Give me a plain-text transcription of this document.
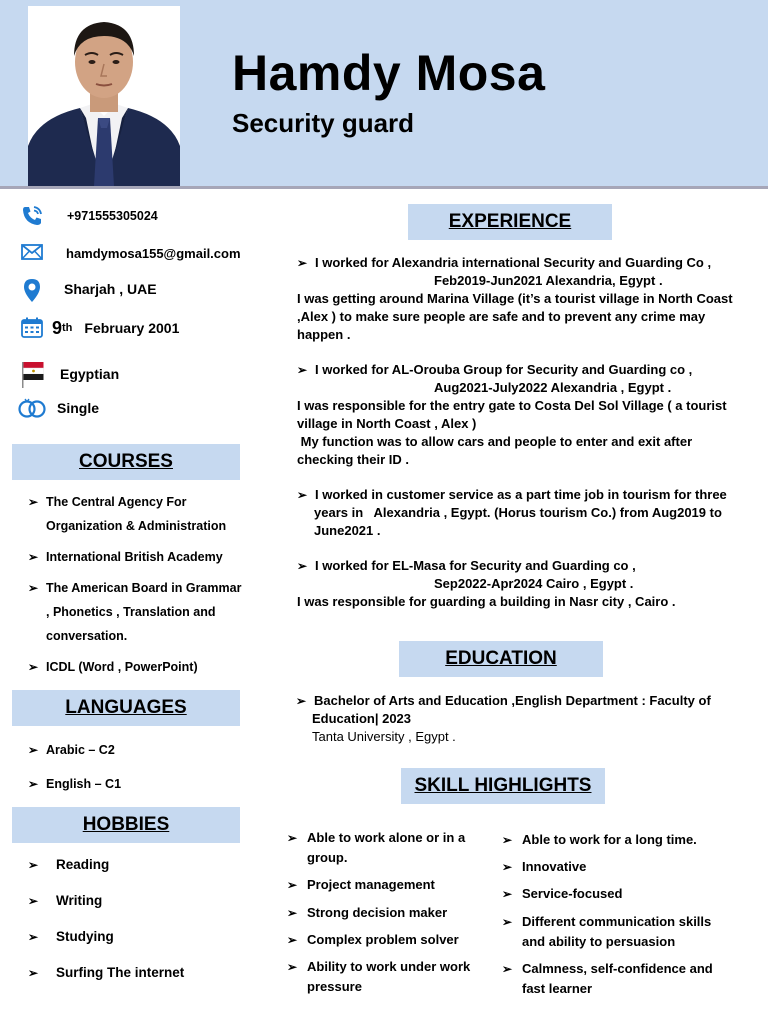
Hamdy Mosa
Security guard
+971555305024
hamdymosa155@gmail.com
Sharjah , UAE
9 th February 2001
Egyptian
Single
COURSES
➢ The Central Agency For
Organization & Administration
➢ International British Academy
➢ The American Board in Grammar
, Phonetics , Translation and
conversation.
➢ ICDL (Word , PowerPoint)
LANGUAGES
➢ Arabic – C2
➢ English – C1
HOBBIES
➢ Reading
➢ Writing
➢ Studying
➢ Surfing The internet
EXPERIENCE
➢ I worked for Alexandria international Security and Guarding Co ,
Feb2019-Jun2021 Alexandria, Egypt .
I was getting around Marina Village (it’s a tourist village in North Coast
,Alex ) to make sure people are safe and to prevent any crime may
happen .
➢ I worked for AL-Orouba Group for Security and Guarding co ,
Aug2021-July2022 Alexandria , Egypt .
I was responsible for the entry gate to Costa Del Sol Village ( a tourist
village in North Coast , Alex )
My function was to allow cars and people to enter and exit after
checking their ID .
➢ I worked in customer service as a part time job in tourism for three
years in   Alexandria , Egypt. (Horus tourism Co.) from Aug2019 to
June2021 .
➢ I worked for EL-Masa for Security and Guarding co ,
Sep2022-Apr2024 Cairo , Egypt .
I was responsible for guarding a building in Nasr city , Cairo .
EDUCATION
➢ Bachelor of Arts and Education ,English Department : Faculty of
Education| 2023
Tanta University , Egypt .
SKILL HIGHLIGHTS
➢ Able to work alone or in a
group.
➢ Project management
➢ Strong decision maker
➢ Complex problem solver
➢ Ability to work under work
pressure
➢ Able to work for a long time.
➢ Innovative
➢ Service-focused
➢ Different communication skills
and ability to persuasion
➢ Calmness, self-confidence and
fast learner
